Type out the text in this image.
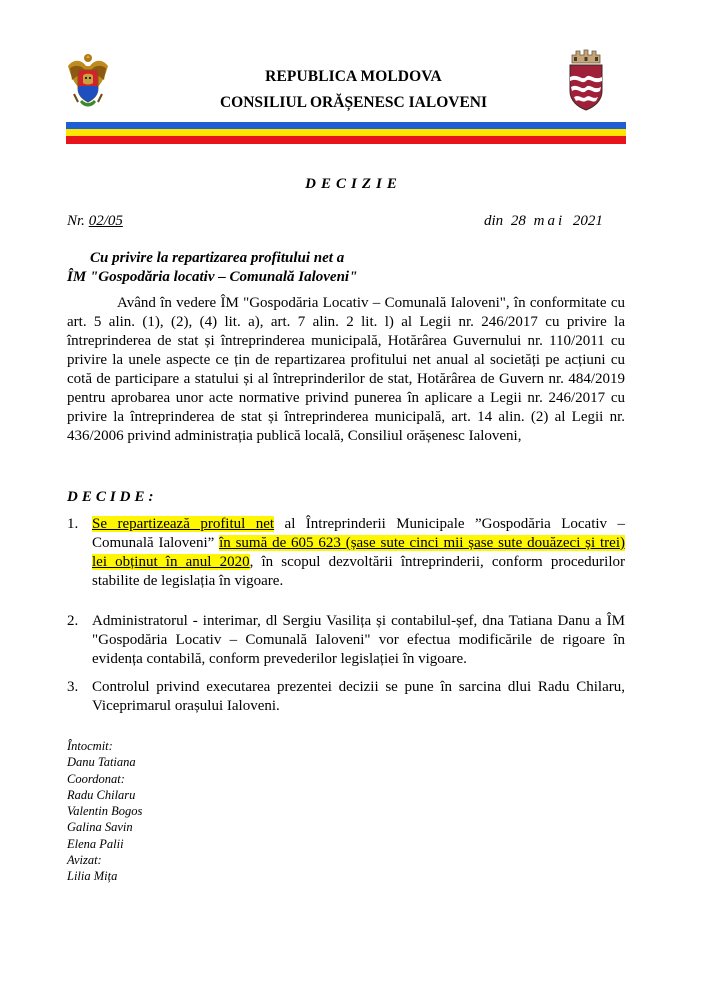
REPUBLICA MOLDOVA
CONSILIUL ORĂȘENESC IALOVENI
DECIZIE
Nr. 02/05	din 28 mai 2021
Cu privire la repartizarea profitului net a
ÎM "Gospodăria locativ – Comunală Ialoveni"
Având în vedere ÎM "Gospodăria Locativ – Comunală Ialoveni", în conformitate cu art. 5 alin. (1), (2), (4) lit. a), art. 7 alin. 2 lit. l) al Legii nr. 246/2017 cu privire la întreprinderea de stat și întreprinderea municipală, Hotărârea Guvernului nr. 110/2011 cu privire la unele aspecte ce țin de repartizarea profitului net anual al societăți pe acțiuni cu cotă de participare a statului și al întreprinderilor de stat, Hotărârea de Guvern nr. 484/2019 pentru aprobarea unor acte normative privind punerea în aplicare a Legii nr. 246/2017 cu privire la întreprinderea de stat și întreprinderea municipală, art. 14 alin. (2) al Legii nr. 436/2006 privind administrația publică locală, Consiliul orășenesc Ialoveni,
DECIDE:
1. Se repartizează profitul net al Întreprinderii Municipale ”Gospodăria Locativ – Comunală Ialoveni” în sumă de 605 623 (șase sute cinci mii șase sute douăzeci și trei) lei obținut în anul 2020, în scopul dezvoltării întreprinderii, conform procedurilor stabilite de legislația în vigoare.
2. Administratorul - interimar, dl Sergiu Vasilița și contabilul-șef, dna Tatiana Danu a ÎM "Gospodăria Locativ – Comunală Ialoveni" vor efectua modificările de rigoare în evidența contabilă, conform prevederilor legislației în vigoare.
3. Controlul privind executarea prezentei decizii se pune în sarcina dlui Radu Chilaru, Viceprimarul orașului Ialoveni.
Întocmit:
Danu Tatiana
Coordonat:
Radu Chilaru
Valentin Bogos
Galina Savin
Elena Palii
Avizat:
Lilia Mița
